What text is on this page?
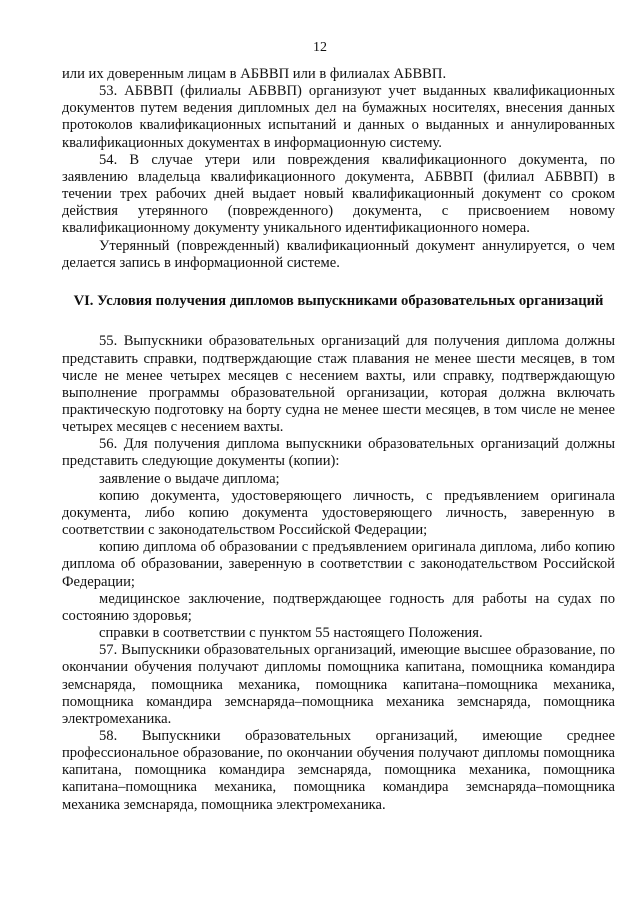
12

или их доверенным лицам в АБВВП или в филиалах АБВВП.

53. АБВВП (филиалы АБВВП) организуют учет выданных квалификационных документов путем ведения дипломных дел на бумажных носителях, внесения данных протоколов квалификационных испытаний и данных о выданных и аннулированных квалификационных документах в информационную систему.

54. В случае утери или повреждения квалификационного документа, по заявлению владельца квалификационного документа, АБВВП (филиал АБВВП) в течении трех рабочих дней выдает новый квалификационный документ со сроком действия утерянного (поврежденного) документа, с присвоением новому квалификационному документу уникального идентификационного номера.

Утерянный (поврежденный) квалификационный документ аннулируется, о чем делается запись в информационной системе.

VI. Условия получения дипломов выпускниками образовательных организаций

55. Выпускники образовательных организаций для получения диплома должны представить справки, подтверждающие стаж плавания не менее шести месяцев, в том числе не менее четырех месяцев с несением вахты, или справку, подтверждающую выполнение программы образовательной организации, которая должна включать практическую подготовку на борту судна не менее шести месяцев, в том числе не менее четырех месяцев с несением вахты.

56. Для получения диплома выпускники образовательных организаций должны представить следующие документы (копии):

заявление о выдаче диплома;

копию документа, удостоверяющего личность, с предъявлением оригинала документа, либо копию документа удостоверяющего личность, заверенную в соответствии с законодательством Российской Федерации;

копию диплома об образовании с предъявлением оригинала диплома, либо копию диплома об образовании, заверенную в соответствии с законодательством Российской Федерации;

медицинское заключение, подтверждающее годность для работы на судах по состоянию здоровья;

справки в соответствии с пунктом 55 настоящего Положения.

57. Выпускники образовательных организаций, имеющие высшее образование, по окончании обучения получают дипломы помощника капитана, помощника командира земснаряда, помощника механика, помощника капитана–помощника механика, помощника командира земснаряда–помощника механика земснаряда, помощника электромеханика.

58. Выпускники образовательных организаций, имеющие среднее профессиональное образование, по окончании обучения получают дипломы помощника капитана, помощника командира земснаряда, помощника механика, помощника капитана–помощника механика, помощника командира земснаряда–помощника механика земснаряда, помощника электромеханика.
